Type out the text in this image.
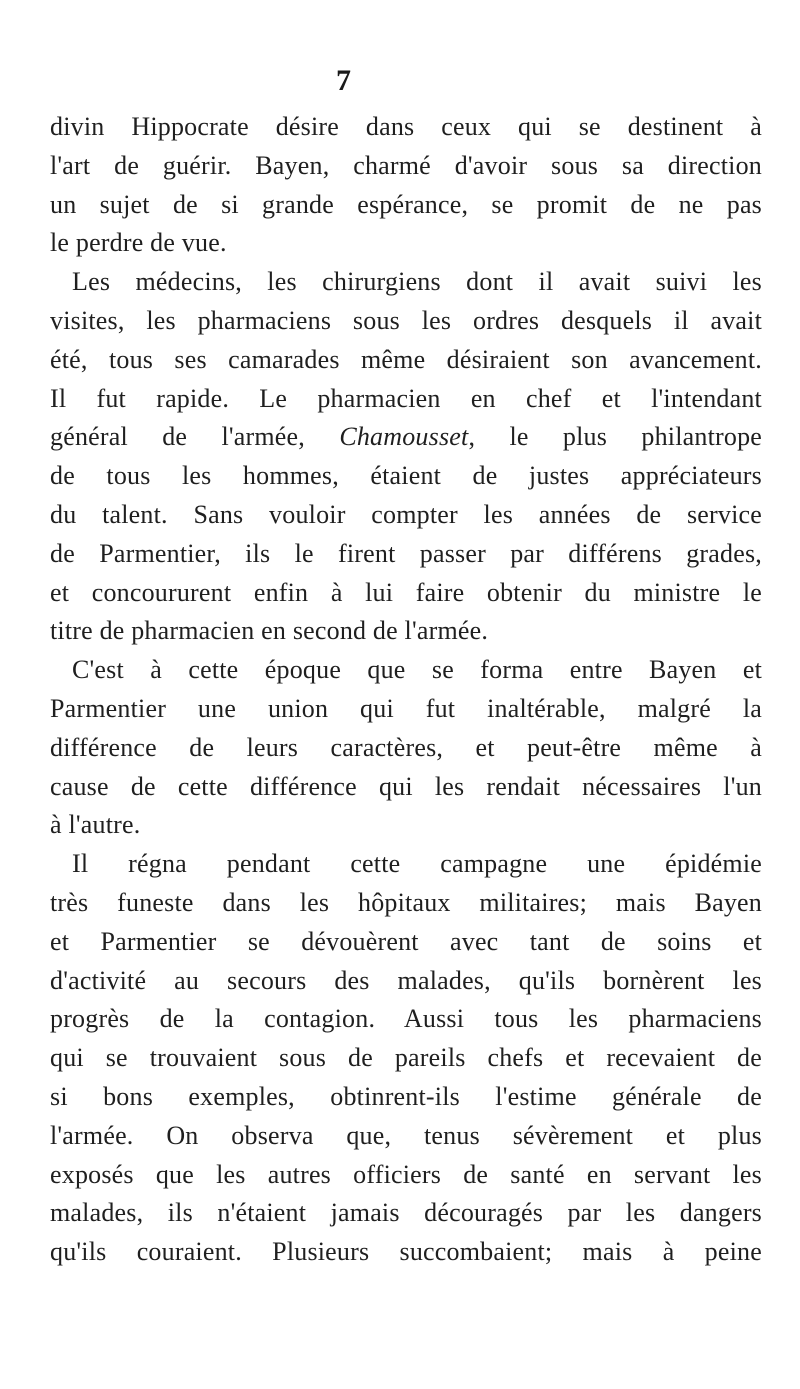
7
divin Hippocrate désire dans ceux qui se destinent à
l'art de guérir. Bayen, charmé d'avoir sous sa direction
un sujet de si grande espérance, se promit de ne pas
le perdre de vue.
Les médecins, les chirurgiens dont il avait suivi les
visites, les pharmaciens sous les ordres desquels il avait
été, tous ses camarades même désiraient son avancement.
Il fut rapide. Le pharmacien en chef et l'intendant
général de l'armée, Chamousset, le plus philantrope
de tous les hommes, étaient de justes appréciateurs
du talent. Sans vouloir compter les années de service
de Parmentier, ils le firent passer par différens grades,
et concoururent enfin à lui faire obtenir du ministre le
titre de pharmacien en second de l'armée.
C'est à cette époque que se forma entre Bayen et
Parmentier une union qui fut inaltérable, malgré la
différence de leurs caractères, et peut-être même à
cause de cette différence qui les rendait nécessaires l'un
à l'autre.
Il régna pendant cette campagne une épidémie
très funeste dans les hôpitaux militaires; mais Bayen
et Parmentier se dévouèrent avec tant de soins et
d'activité au secours des malades, qu'ils bornèrent les
progrès de la contagion. Aussi tous les pharmaciens
qui se trouvaient sous de pareils chefs et recevaient de
si bons exemples, obtinrent-ils l'estime générale de
l'armée. On observa que, tenus sévèrement et plus
exposés que les autres officiers de santé en servant les
malades, ils n'étaient jamais découragés par les dangers
qu'ils couraient. Plusieurs succombaient; mais à peine
